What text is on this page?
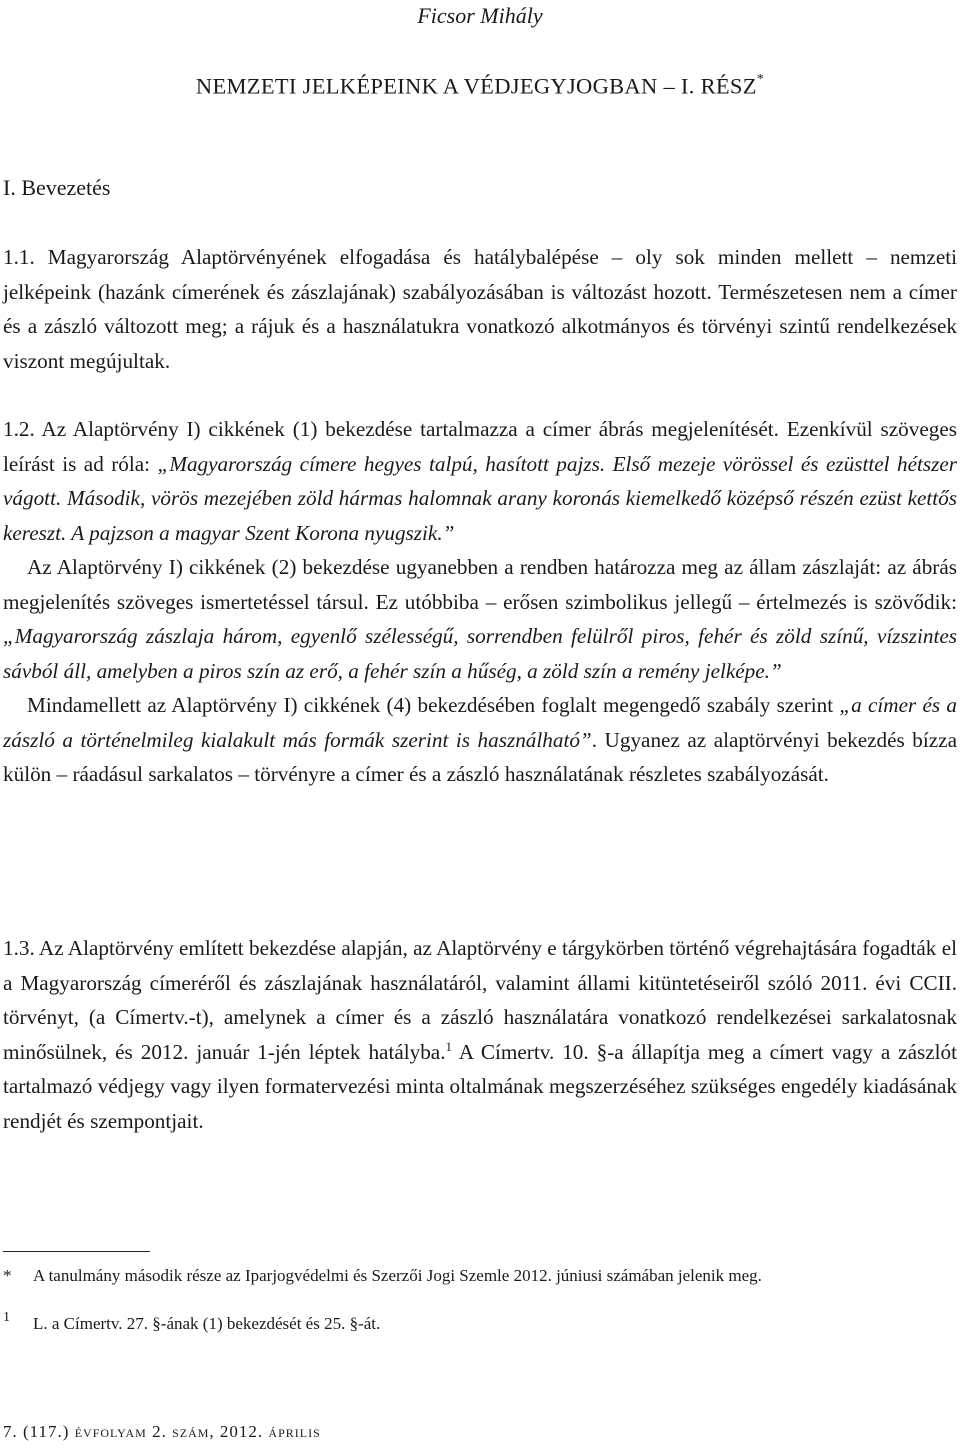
Ficsor Mihály
NEMZETI JELKÉPEINK A VÉDJEGYJOGBAN – I. RÉSZ*
I. Bevezetés

1.1. Magyarország Alaptörvényének elfogadása és hatálybalépése – oly sok minden mellett – nemzeti jelképeink (hazánk címerének és zászlajának) szabályozásában is változást hozott. Természetesen nem a címer és a zászló változott meg; a rájuk és a használatukra vonatkozó alkotmányos és törvényi szintű rendelkezések viszont megújultak.

1.2. Az Alaptörvény I) cikkének (1) bekezdése tartalmazza a címer ábrás megjelenítését. Ezenkívül szöveges leírást is ad róla: „Magyarország címere hegyes talpú, hasított pajzs. Első mezeje vörössel és ezüsttel hétszer vágott. Második, vörös mezejében zöld hármas halomnak arany koronás kiemelkedő középső részén ezüst kettős kereszt. A pajzson a magyar Szent Korona nyugszik.”

Az Alaptörvény I) cikkének (2) bekezdése ugyanebben a rendben határozza meg az állam zászlaját: az ábrás megjelenítés szöveges ismertetéssel társul. Ez utóbbiba – erősen szimbolikus jellegű – értelmezés is szövődik: „Magyarország zászlaja három, egyenlő szélességű, sorrendben felülről piros, fehér és zöld színű, vízszintes sávból áll, amelyben a piros szín az erő, a fehér szín a hűség, a zöld szín a remény jelképe.”

Mindamellett az Alaptörvény I) cikkének (4) bekezdésében foglalt megengedő szabály szerint „a címer és a zászló a történelmileg kialakult más formák szerint is használható”. Ugyanez az alaptörvényi bekezdés bízza külön – ráadásul sarkalatos – törvényre a címer és a zászló használatának részletes szabályozását.

1.3. Az Alaptörvény említett bekezdése alapján, az Alaptörvény e tárgykörben történő végrehajtására fogadták el a Magyarország címeréről és zászlajának használatáról, valamint állami kitüntetéseiről szóló 2011. évi CCII. törvényt, (a Címertv.-t), amelynek a címer és a zászló használatára vonatkozó rendelkezései sarkalatosnak minősülnek, és 2012. január 1-jén léptek hatályba.$^1$ A Címertv. 10. §-a állapítja meg a címert vagy a zászlót tartalmazó védjegy vagy ilyen formatervezési minta oltalmának megszerzéséhez szükséges engedély kiadásának rendjét és szempontjait.

*	A tanulmány második része az Iparjogvédelmi és Szerzői Jogi Szemle 2012. júniusi számában jelenik meg.
1	L. a Címertv. 27. §-ának (1) bekezdését és 25. §-át.
7. (117.) évfolyam 2. szám, 2012. április
